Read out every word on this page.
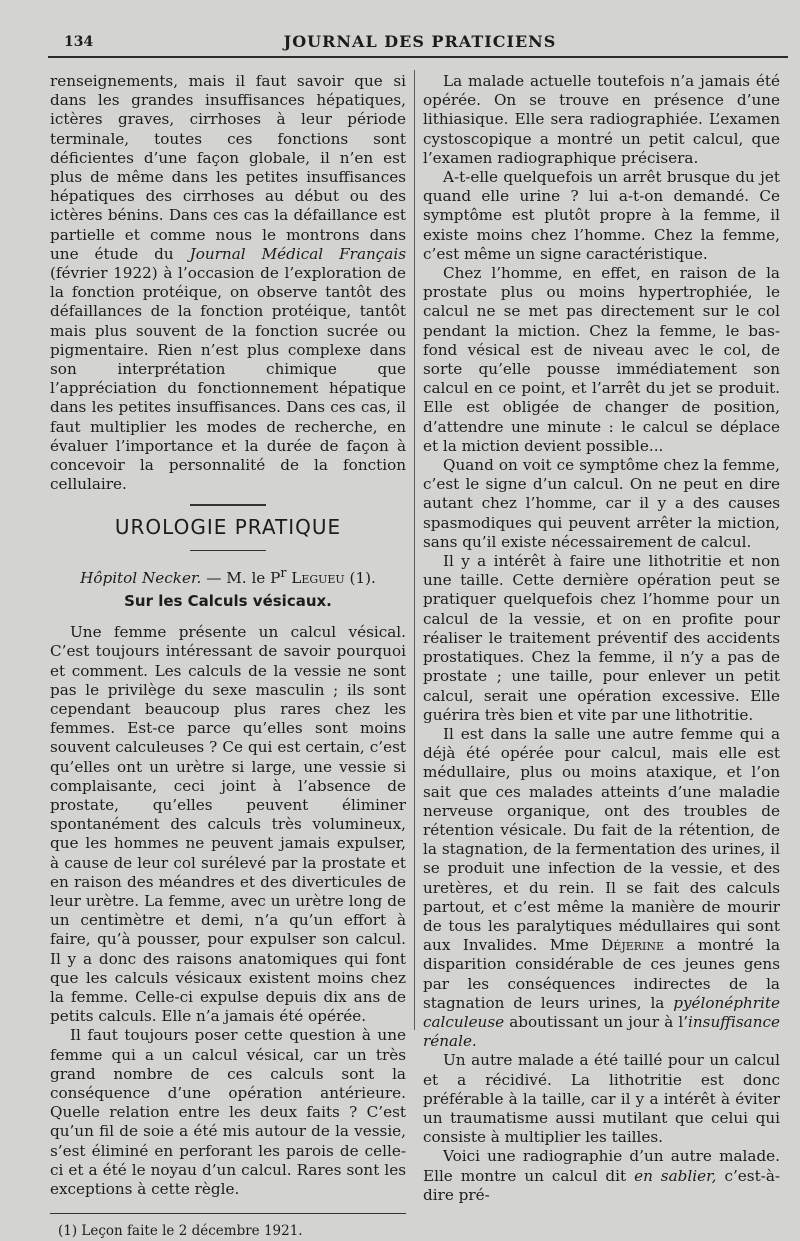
134	JOURNAL DES PRATICIENS

renseignements, mais il faut savoir que si dans les grandes insuffisances hépatiques, ictères graves, cirrhoses à leur période terminale, toutes ces fonctions sont déficientes d’une façon globale, il n’en est plus de même dans les petites insuffisances hépatiques des cirrhoses au début ou des ictères bénins. Dans ces cas la défaillance est partielle et comme nous le montrons dans une étude du Journal Médical Français (février 1922) à l’occasion de l’exploration de la fonction protéique, on observe tantôt des défaillances de la fonction protéique, tantôt mais plus souvent de la fonction sucrée ou pigmentaire. Rien n’est plus complexe dans son interprétation chimique que l’appréciation du fonctionnement hépatique dans les petites insuffisances. Dans ces cas, il faut multiplier les modes de recherche, en évaluer l’importance et la durée de façon à concevoir la personnalité de la fonction cellulaire.

UROLOGIE PRATIQUE

Hôpitol Necker. — M. le $P^r$ Legueu (1).

Sur les Calculs vésicaux.

Une femme présente un calcul vésical. C’est toujours intéressant de savoir pourquoi et comment. Les calculs de la vessie ne sont pas le privilège du sexe masculin ; ils sont cependant beaucoup plus rares chez les femmes. Est-ce parce qu’elles sont moins souvent calculeuses ? Ce qui est certain, c’est qu’elles ont un urètre si large, une vessie si complaisante, ceci joint à l’absence de prostate, qu’elles peuvent éliminer spontanément des calculs très volumineux, que les hommes ne peuvent jamais expulser, à cause de leur col surélevé par la prostate et en raison des méandres et des diverticules de leur urètre. La femme, avec un urètre long de un centimètre et demi, n’a qu’un effort à faire, qu’à pousser, pour expulser son calcul. Il y a donc des raisons anatomiques qui font que les calculs vésicaux existent moins chez la femme. Celle-ci expulse depuis dix ans de petits calculs. Elle n’a jamais été opérée.

Il faut toujours poser cette question à une femme qui a un calcul vésical, car un très grand nombre de ces calculs sont la conséquence d’une opération antérieure. Quelle relation entre les deux faits ? C’est qu’un fil de soie a été mis autour de la vessie, s’est éliminé en perforant les parois de celle-ci et a été le noyau d’un calcul. Rares sont les exceptions à cette règle.

(1) Leçon faite le 2 décembre 1921.

La malade actuelle toutefois n’a jamais été opérée. On se trouve en présence d’une lithiasique. Elle sera radiographiée. L’examen cystoscopique a montré un petit calcul, que l’examen radiographique précisera.

A-t-elle quelquefois un arrêt brusque du jet quand elle urine ? lui a-t-on demandé. Ce symptôme est plutôt propre à la femme, il existe moins chez l’homme. Chez la femme, c’est même un signe caractéristique.

Chez l’homme, en effet, en raison de la prostate plus ou moins hypertrophiée, le calcul ne se met pas directement sur le col pendant la miction. Chez la femme, le bas-fond vésical est de niveau avec le col, de sorte qu’elle pousse immédiatement son calcul en ce point, et l’arrêt du jet se produit. Elle est obligée de changer de position, d’attendre une minute : le calcul se déplace et la miction devient possible...

Quand on voit ce symptôme chez la femme, c’est le signe d’un calcul. On ne peut en dire autant chez l’homme, car il y a des causes spasmodiques qui peuvent arrêter la miction, sans qu’il existe nécessairement de calcul.

Il y a intérêt à faire une lithotritie et non une taille. Cette dernière opération peut se pratiquer quelquefois chez l’homme pour un calcul de la vessie, et on en profite pour réaliser le traitement préventif des accidents prostatiques. Chez la femme, il n’y a pas de prostate ; une taille, pour enlever un petit calcul, serait une opération excessive. Elle guérira très bien et vite par une lithotritie.

Il est dans la salle une autre femme qui a déjà été opérée pour calcul, mais elle est médullaire, plus ou moins ataxique, et l’on sait que ces malades atteints d’une maladie nerveuse organique, ont des troubles de rétention vésicale. Du fait de la rétention, de la stagnation, de la fermentation des urines, il se produit une infection de la vessie, et des uretères, et du rein. Il se fait des calculs partout, et c’est même la manière de mourir de tous les paralytiques médullaires qui sont aux Invalides. Mme Déjerine a montré la disparition considérable de ces jeunes gens par les conséquences indirectes de la stagnation de leurs urines, la pyélonéphrite calculeuse aboutissant un jour à l’insuffisance rénale.

Un autre malade a été taillé pour un calcul et a récidivé. La lithotritie est donc préférable à la taille, car il y a intérêt à éviter un traumatisme aussi mutilant que celui qui consiste à multiplier les tailles.

Voici une radiographie d’un autre malade. Elle montre un calcul dit en sablier, c’est-à-dire pré-
